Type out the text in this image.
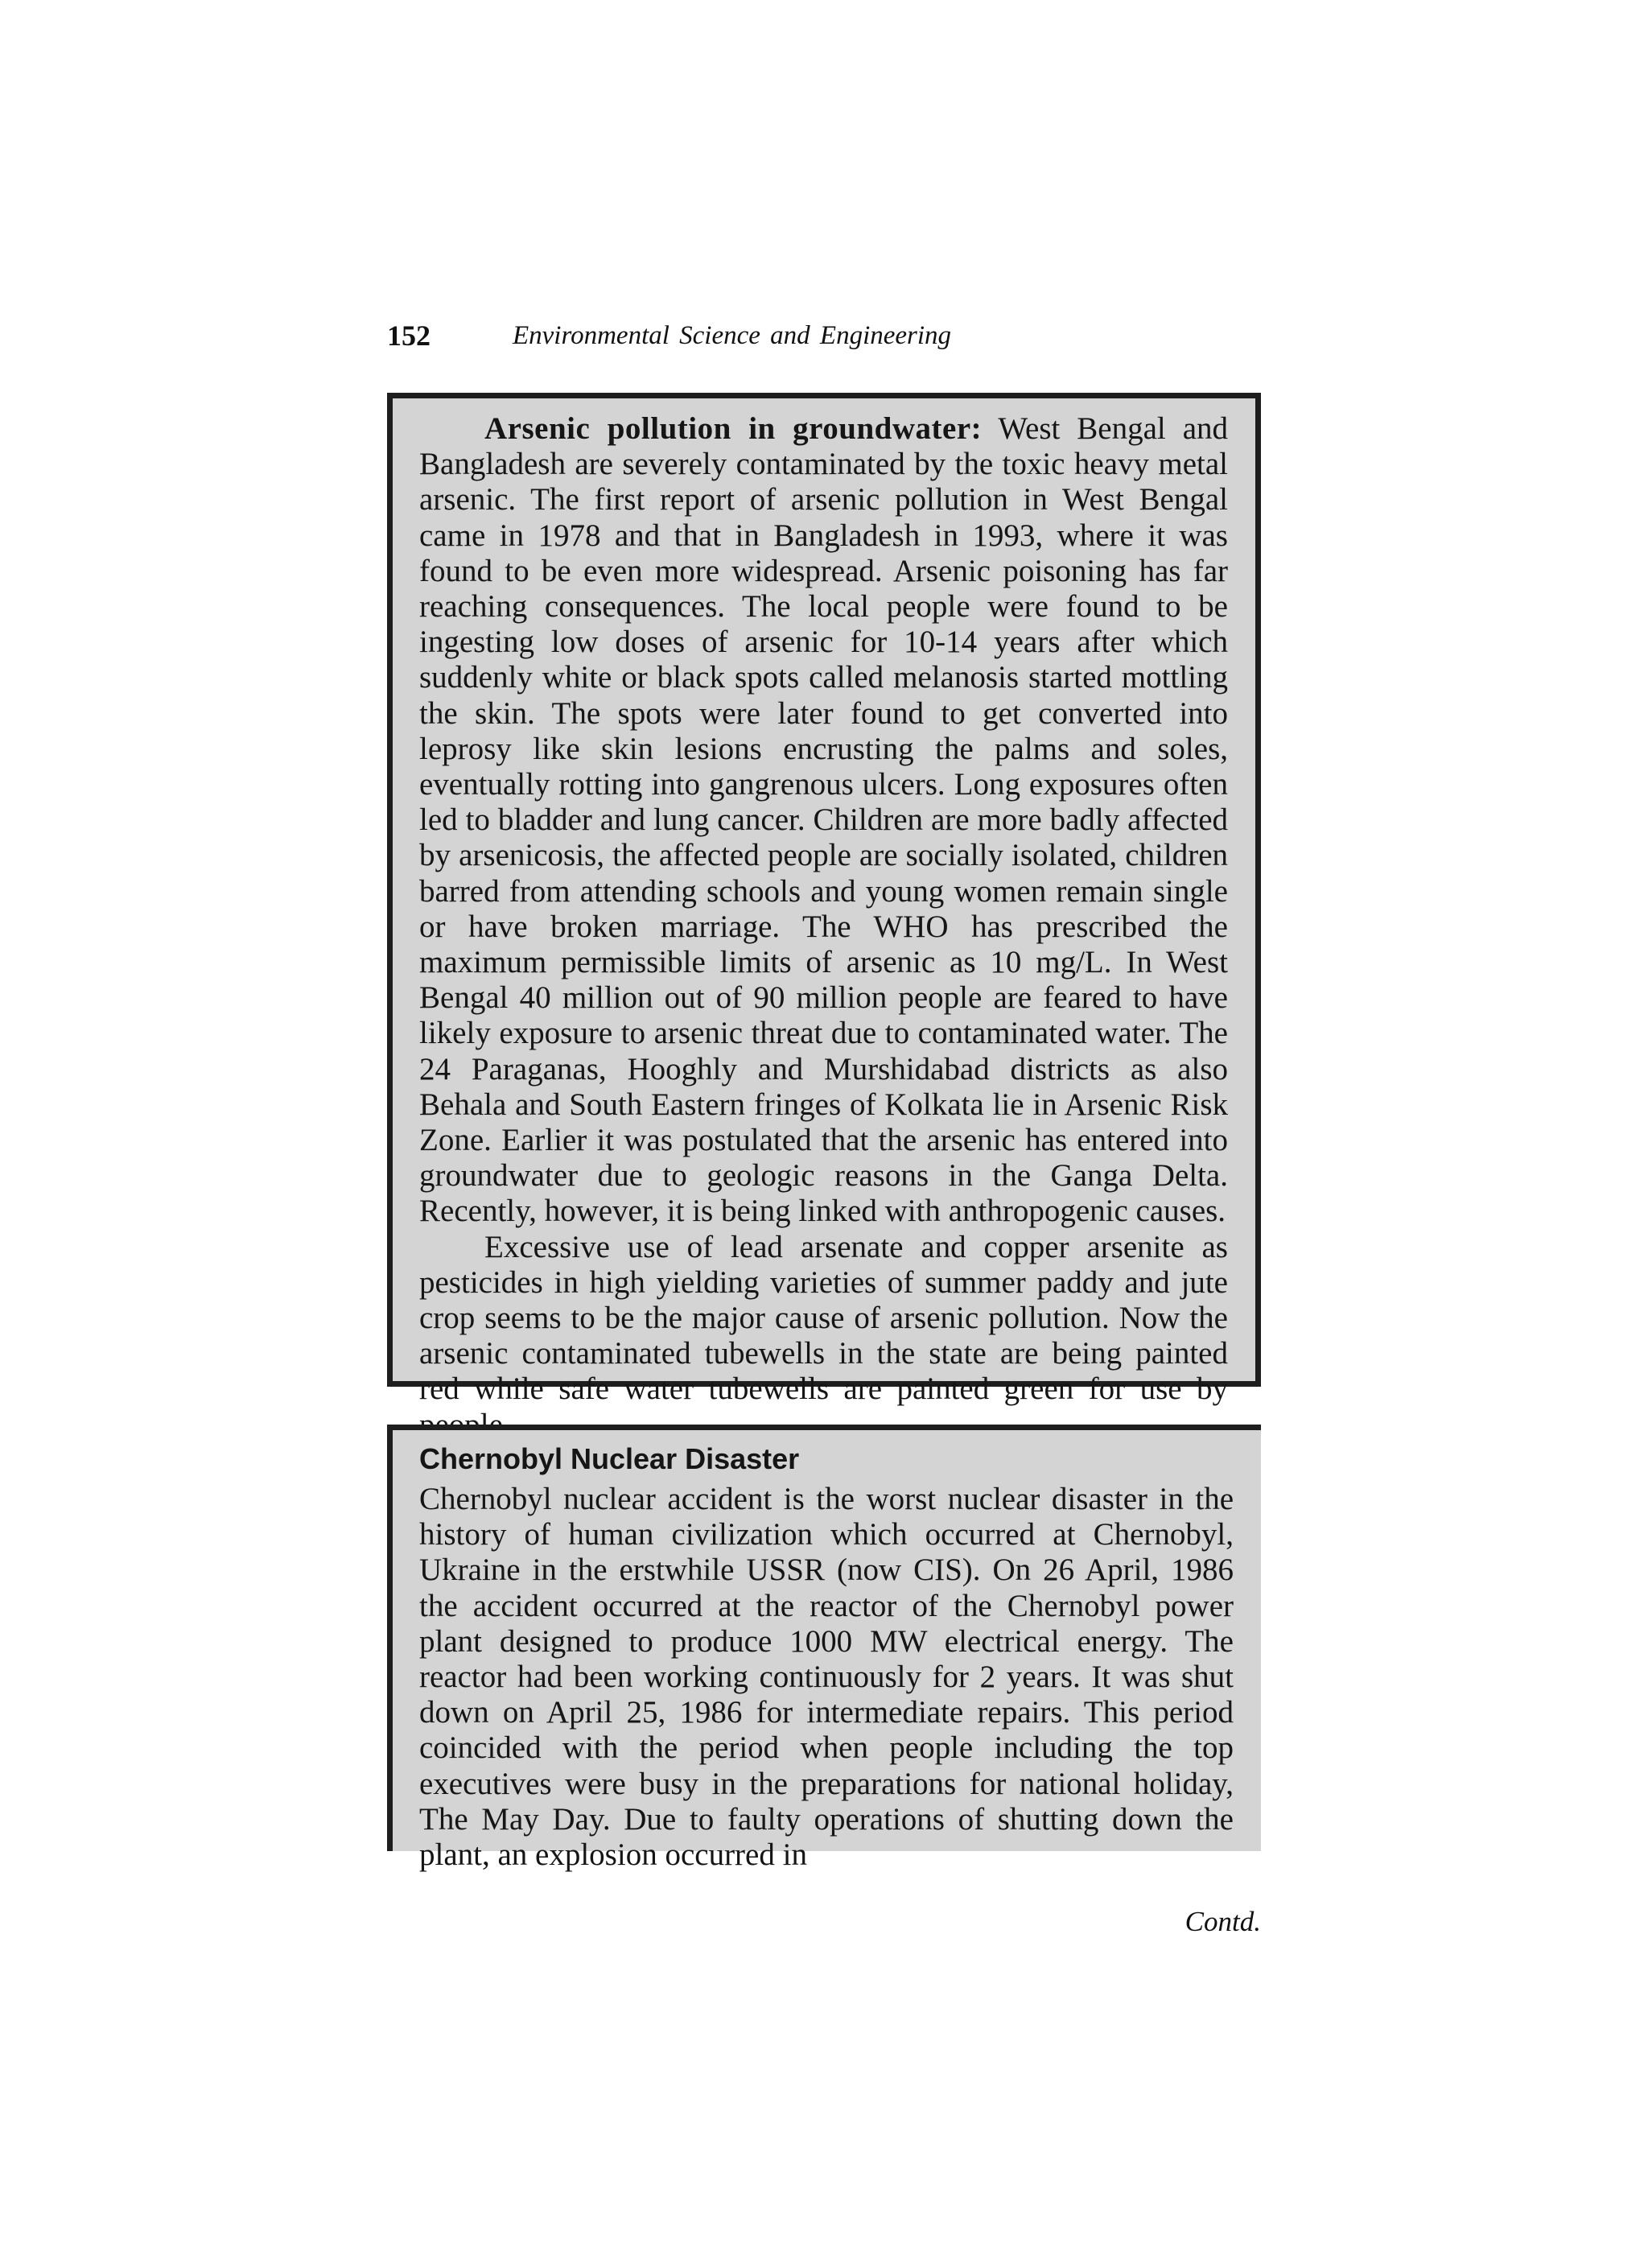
152	Environmental Science and Engineering

Arsenic pollution in groundwater: West Bengal and Bangladesh are severely contaminated by the toxic heavy metal arsenic. The first report of arsenic pollution in West Bengal came in 1978 and that in Bangladesh in 1993, where it was found to be even more widespread. Arsenic poisoning has far reaching consequences. The local people were found to be ingesting low doses of arsenic for 10-14 years after which suddenly white or black spots called melanosis started mottling the skin. The spots were later found to get converted into leprosy like skin lesions encrusting the palms and soles, eventually rotting into gangrenous ulcers. Long exposures often led to bladder and lung cancer. Children are more badly affected by arsenicosis, the affected people are socially isolated, children barred from attending schools and young women remain single or have broken marriage. The WHO has prescribed the maximum permissible limits of arsenic as 10 mg/L. In West Bengal 40 million out of 90 million people are feared to have likely exposure to arsenic threat due to contaminated water. The 24 Paraganas, Hooghly and Murshidabad districts as also Behala and South Eastern fringes of Kolkata lie in Arsenic Risk Zone. Earlier it was postulated that the arsenic has entered into groundwater due to geologic reasons in the Ganga Delta. Recently, however, it is being linked with anthropogenic causes.

Excessive use of lead arsenate and copper arsenite as pesticides in high yielding varieties of summer paddy and jute crop seems to be the major cause of arsenic pollution. Now the arsenic contaminated tubewells in the state are being painted red while safe water tubewells are painted green for use by

Chernobyl Nuclear Disaster

Chernobyl nuclear accident is the worst nuclear disaster in the history of human civilization which occurred at Chernobyl, Ukraine in the erstwhile USSR (now CIS). On 26 April, 1986 the accident occurred at the reactor of the Chernobyl power plant designed to produce 1000 MW electrical energy. The reactor had been working continuously for 2 years. It was shut down on April 25, 1986 for intermediate repairs. This period coincided with the period when people including the top executives were busy in the preparations for national holiday, The May Day. Due to faulty operations of shutting down the plant, an explosion occurred in

Contd.
